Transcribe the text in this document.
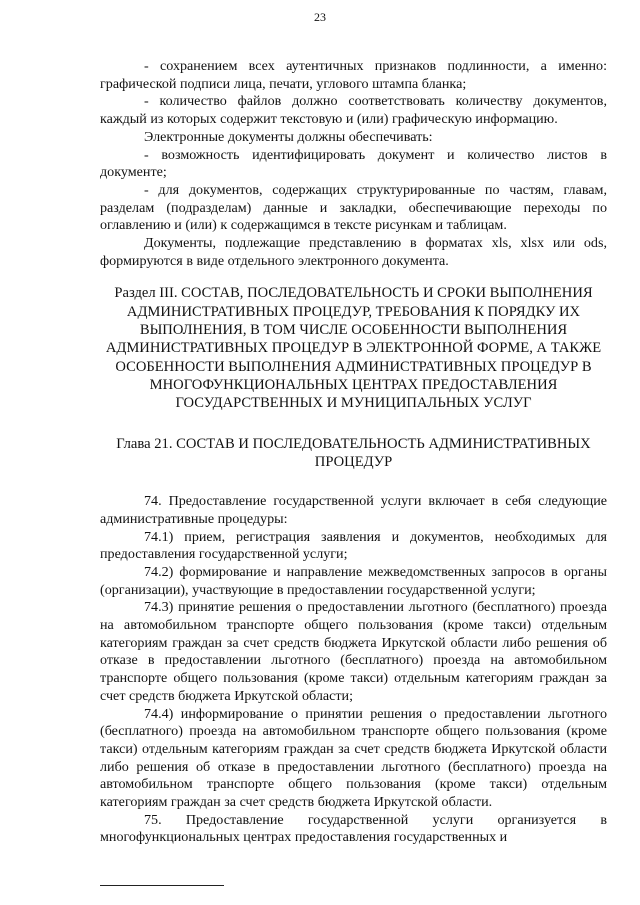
23

- сохранением всех аутентичных признаков подлинности, а именно: графической подписи лица, печати, углового штампа бланка;

- количество файлов должно соответствовать количеству документов, каждый из которых содержит текстовую и (или) графическую информацию.

Электронные документы должны обеспечивать:

- возможность идентифицировать документ и количество листов в документе;

- для документов, содержащих структурированные по частям, главам, разделам (подразделам) данные и закладки, обеспечивающие переходы по оглавлению и (или) к содержащимся в тексте рисункам и таблицам.

Документы, подлежащие представлению в форматах xls, xlsx или ods, формируются в виде отдельного электронного документа.

Раздел III. СОСТАВ, ПОСЛЕДОВАТЕЛЬНОСТЬ И СРОКИ ВЫПОЛНЕНИЯ АДМИНИСТРАТИВНЫХ ПРОЦЕДУР, ТРЕБОВАНИЯ К ПОРЯДКУ ИХ ВЫПОЛНЕНИЯ, В ТОМ ЧИСЛЕ ОСОБЕННОСТИ ВЫПОЛНЕНИЯ АДМИНИСТРАТИВНЫХ ПРОЦЕДУР В ЭЛЕКТРОННОЙ ФОРМЕ, А ТАКЖЕ ОСОБЕННОСТИ ВЫПОЛНЕНИЯ АДМИНИСТРАТИВНЫХ ПРОЦЕДУР В МНОГОФУНКЦИОНАЛЬНЫХ ЦЕНТРАХ ПРЕДОСТАВЛЕНИЯ ГОСУДАРСТВЕННЫХ И МУНИЦИПАЛЬНЫХ УСЛУГ

Глава 21. СОСТАВ И ПОСЛЕДОВАТЕЛЬНОСТЬ АДМИНИСТРАТИВНЫХ ПРОЦЕДУР

74. Предоставление государственной услуги включает в себя следующие административные процедуры:

74.1) прием, регистрация заявления и документов, необходимых для предоставления государственной услуги;

74.2) формирование и направление межведомственных запросов в органы (организации), участвующие в предоставлении государственной услуги;

74.3) принятие решения о предоставлении льготного (бесплатного) проезда на автомобильном транспорте общего пользования (кроме такси) отдельным категориям граждан за счет средств бюджета Иркутской области либо решения об отказе в предоставлении льготного (бесплатного) проезда на автомобильном транспорте общего пользования (кроме такси) отдельным категориям граждан за счет средств бюджета Иркутской области;

74.4) информирование о принятии решения о предоставлении льготного (бесплатного) проезда на автомобильном транспорте общего пользования (кроме такси) отдельным категориям граждан за счет средств бюджета Иркутской области либо решения об отказе в предоставлении льготного (бесплатного) проезда на автомобильном транспорте общего пользования (кроме такси) отдельным категориям граждан за счет средств бюджета Иркутской области.

75. Предоставление государственной услуги организуется в многофункциональных центрах предоставления государственных и
